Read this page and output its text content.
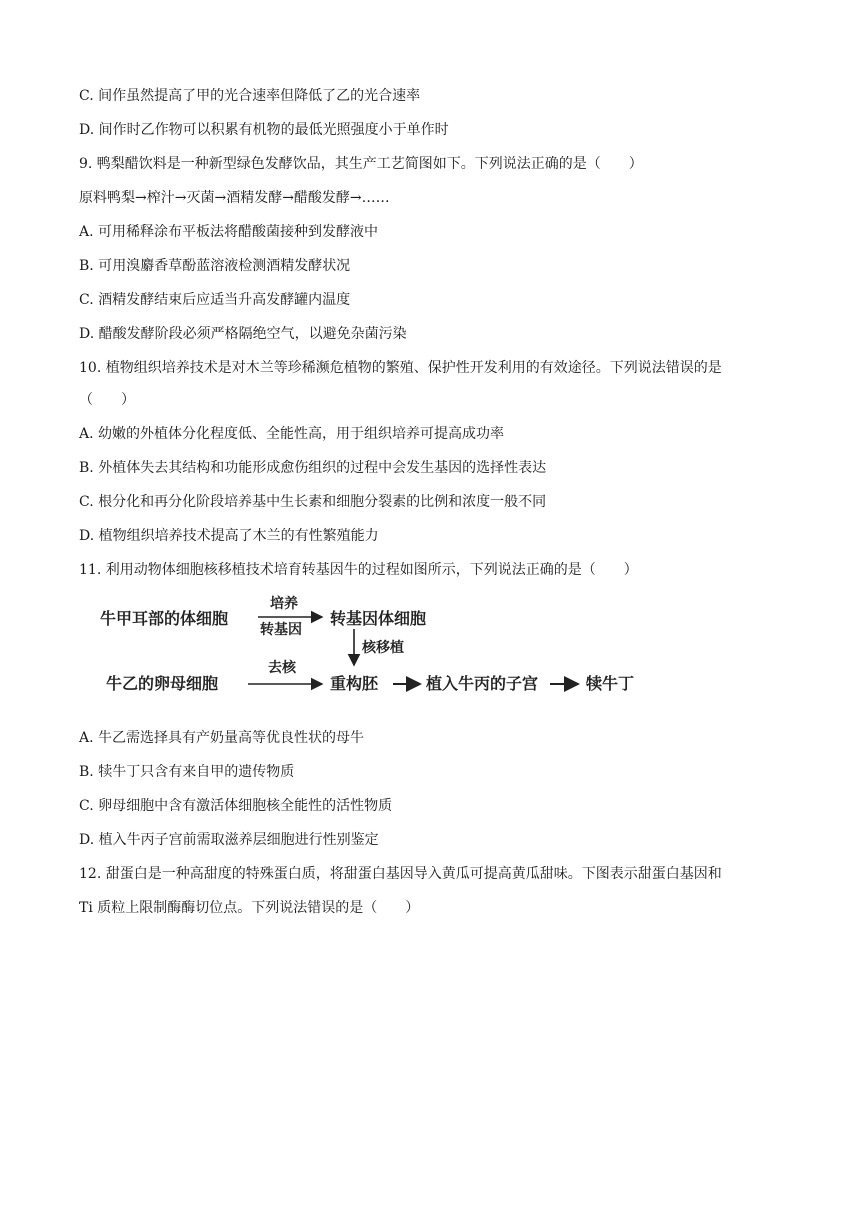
C. 间作虽然提高了甲的光合速率但降低了乙的光合速率
D. 间作时乙作物可以积累有机物的最低光照强度小于单作时
9. 鸭梨醋饮料是一种新型绿色发酵饮品，其生产工艺简图如下。下列说法正确的是（　　）
原料鸭梨→榨汁→灭菌→酒精发酵→醋酸发酵→……
A. 可用稀释涂布平板法将醋酸菌接种到发酵液中
B. 可用溴麝香草酚蓝溶液检测酒精发酵状况
C. 酒精发酵结束后应适当升高发酵罐内温度
D. 醋酸发酵阶段必须严格隔绝空气，以避免杂菌污染
10. 植物组织培养技术是对木兰等珍稀濒危植物的繁殖、保护性开发利用的有效途径。下列说法错误的是
（　　）
A. 幼嫩的外植体分化程度低、全能性高，用于组织培养可提高成功率
B. 外植体失去其结构和功能形成愈伤组织的过程中会发生基因的选择性表达
C. 根分化和再分化阶段培养基中生长素和细胞分裂素的比例和浓度一般不同
D. 植物组织培养技术提高了木兰的有性繁殖能力
11. 利用动物体细胞核移植技术培育转基因牛的过程如图所示，下列说法正确的是（　　）
牛甲耳部的体细胞
培养
转基因
转基因体细胞
核移植
牛乙的卵母细胞
去核
重构胚	植入牛丙的子宫	犊牛丁
A. 牛乙需选择具有产奶量高等优良性状的母牛
B. 犊牛丁只含有来自甲的遗传物质
C. 卵母细胞中含有激活体细胞核全能性的活性物质
D. 植入牛丙子宫前需取滋养层细胞进行性别鉴定
12. 甜蛋白是一种高甜度的特殊蛋白质，将甜蛋白基因导入黄瓜可提高黄瓜甜味。下图表示甜蛋白基因和
Ti 质粒上限制酶酶切位点。下列说法错误的是（　　）
